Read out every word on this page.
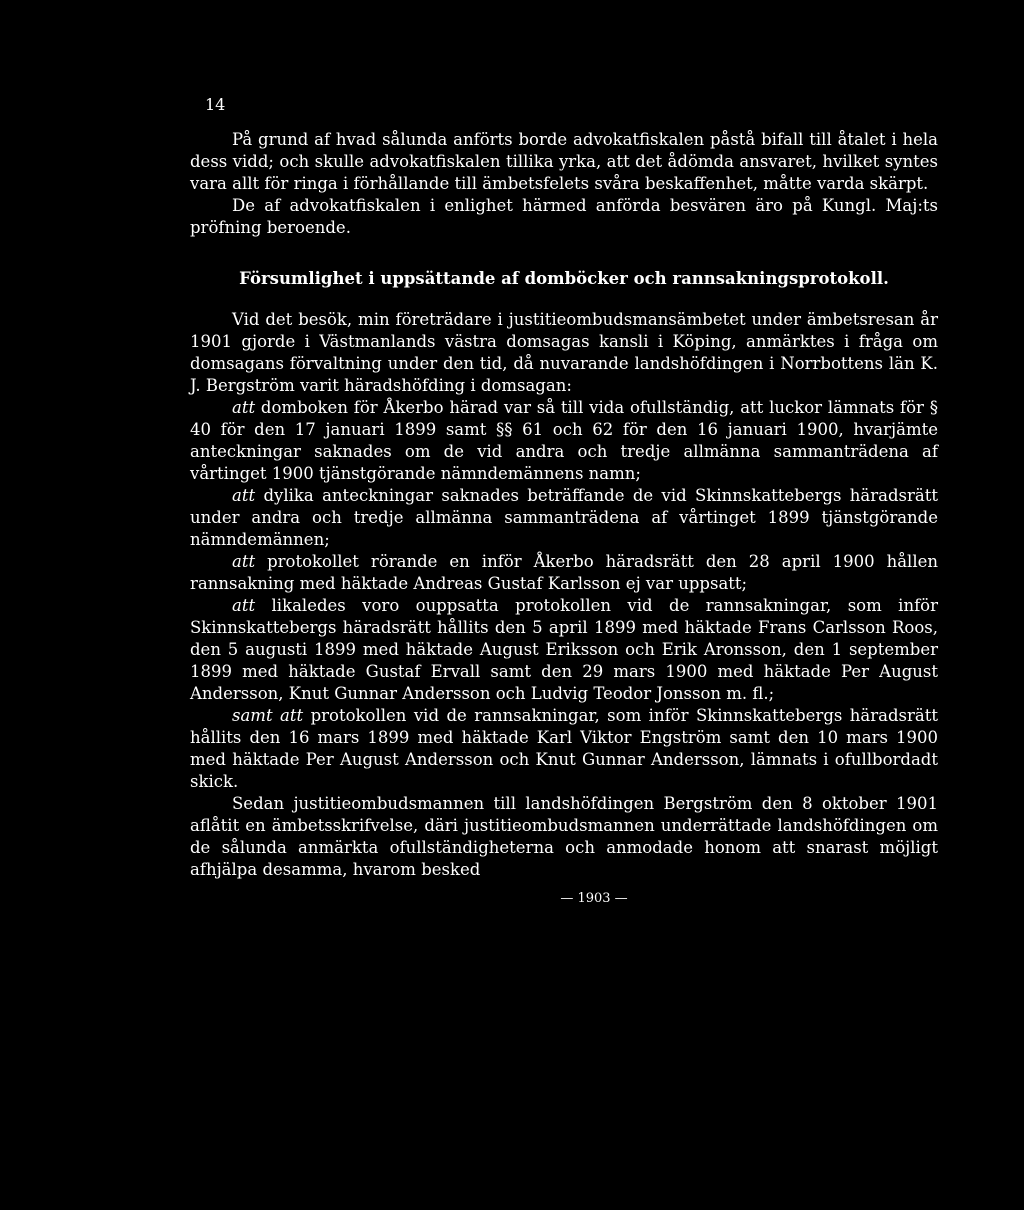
14

På grund af hvad sålunda anförts borde advokatfiskalen påstå bifall till åtalet i hela dess vidd; och skulle advokatfiskalen tillika yrka, att det ådömda ansvaret, hvilket syntes vara allt för ringa i förhållande till ämbetsfelets svåra beskaffenhet, måtte varda skärpt.

De af advokatfiskalen i enlighet härmed anförda besvären äro på Kungl. Maj:ts pröfning beroende.

Försumlighet i uppsättande af domböcker och rannsakningsprotokoll.

Vid det besök, min företrädare i justitieombudsmansämbetet under ämbetsresan år 1901 gjorde i Västmanlands västra domsagas kansli i Köping, anmärktes i fråga om domsagans förvaltning under den tid, då nuvarande landshöfdingen i Norrbottens län K. J. Bergström varit häradshöfding i domsagan:

att domboken för Åkerbo härad var så till vida ofullständig, att luckor lämnats för § 40 för den 17 januari 1899 samt §§ 61 och 62 för den 16 januari 1900, hvarjämte anteckningar saknades om de vid andra och tredje allmänna sammanträdena af vårtinget 1900 tjänstgörande nämndemännens namn;

att dylika anteckningar saknades beträffande de vid Skinnskattebergs häradsrätt under andra och tredje allmänna sammanträdena af vårtinget 1899 tjänstgörande nämndemännen;

att protokollet rörande en inför Åkerbo häradsrätt den 28 april 1900 hållen rannsakning med häktade Andreas Gustaf Karlsson ej var uppsatt;

att likaledes voro ouppsatta protokollen vid de rannsakningar, som inför Skinnskattebergs häradsrätt hållits den 5 april 1899 med häktade Frans Carlsson Roos, den 5 augusti 1899 med häktade August Eriksson och Erik Aronsson, den 1 september 1899 med häktade Gustaf Ervall samt den 29 mars 1900 med häktade Per August Andersson, Knut Gunnar Andersson och Ludvig Teodor Jonsson m. fl.;

samt att protokollen vid de rannsakningar, som inför Skinnskattebergs häradsrätt hållits den 16 mars 1899 med häktade Karl Viktor Engström samt den 10 mars 1900 med häktade Per August Andersson och Knut Gunnar Andersson, lämnats i ofullbordadt skick.

Sedan justitieombudsmannen till landshöfdingen Bergström den 8 oktober 1901 aflåtit en ämbetsskrifvelse, däri justitieombudsmannen underrättade landshöfdingen om de sålunda anmärkta ofullständigheterna och anmodade honom att snarast möjligt afhjälpa desamma, hvarom besked

— 1903 —
